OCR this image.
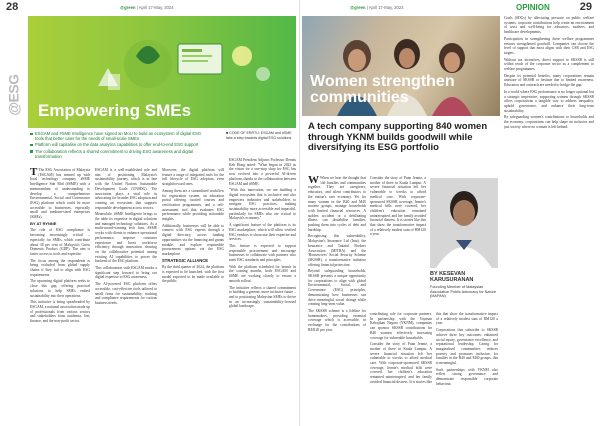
28	@green | April 17-May, 2024
@ESG Empowering SMEs
ESGAM and #SME Intelligence have signed an MoU to build an ecosystem of digital ESG tools that better cater for the needs of small-scale SMEs
Platform will capitalise on the data analytics capabilities to offer end-to-end ESG support
The collaboration reflects a shared commitment to driving ESG awareness and digital transformation
■ CODE OF ERRTU: ESGAM and #SME take a step towards digital ESG solutions

T The ESG Association of Malaysia (ESGAM) has teamed up with local technology company #SME Intelligence Sdn Bhd (#SME) with a memorandum of understanding to develop a comprehensive Environmental, Social and Governance (ESG) platform which could be more accessible to businesses, especially small and medium-sized enterprises (SMEs).

BY AT RYNNE

The role of ESG compliance is becoming increasingly critical – especially for SMEs, which contribute about 38 per cent of Malaysia's Gross Domestic Product (GDP). The aim is faster access to tools and expertise.

The focus among the respondents is being excluded from global supply chains if they fail to align with ESG requirements.

The upcoming digital platform seeks to close this gap, offering practical solutions to help SMEs embed sustainability into their operations.

This initiative is being spearheaded by ESGAM, a national association made up of professionals from various sectors and stakeholders from academia, law, finance, and the non-profit sector.

ESGAM is a well-established role and aim of positioning Malaysia's sustainability journey, which is in line with the United Nations Sustainable Development Goals (UNSDG). The association plays a vital role in advocating for broader ESG adoption and creating an ecosystem that supports responsible development across sectors.

Meanwhile, #SME Intelligence brings to the table its expertise in digital solutions and managed technology solutions. As a multi-award-winning tech firm, #SME works with clients to enhance operational performance, improve customer experience and boost workforce efficiency through innovation, drawing on the collaborative potential among existing AI capabilities to power the backend of the ESG platform.

This collaboration with ESGAM marks a significant step forward to bring our digital expertise to ESG awareness.

The AI-powered ESG platform offers accessible, cost-effective tools tailored to small firms for sustainability, tracking and compliance requirements for various business needs.

Moreover, the digital platform will feature a range of integrated tools for the full lifecycle of ESG adoption, even straightforward ones.

Among them are a streamlined workflow for registration system, an education portal offering curated courses and certification programmes, and a self-assessment tool that evaluates ESG performance while providing actionable insights.

Additionally, businesses will be able to connect with ESG experts through a digital directory, access funding opportunities via the financing and grants module, and explore responsible procurement options via the ESG marketplace.

STRATEGIC ALLIANCE

By the third quarter of 2024, the platform is expected to be launched, with the first model expected to be made available to the public.

ESGAM President Adjunct Professor Dennis Keh Hong noted: "What began in 2022 as the vision for a one-stop shop for ESG has now evolved into a powerful AI-driven platform, thanks to the collaboration between ESGAM and #SME.

"With this innovation, we are building a digital ecosystem that is inclusive and also empowers industries and stakeholders to navigate ESG practices, making sustainability more accessible and impactful, particularly for SMEs who are critical to Malaysia's economy."

A significant feature of the platform is its ESG marketplace, which will allow verified ESG vendors to showcase their expertise and services.

This feature is expected to support responsible procurement and encourage businesses to collaborate with partners who meet ESG standards and principles.

With the platform scheduled for launch in the coming months, both ESGAM and #SME are working closely to ensure a smooth rollout.

The initiative reflects a shared commitment to building a greener, more inclusive future – and to positioning Malaysian SMEs to thrive in an increasingly sustainability-focused global landscape.

@green | April 17-May, 2024	OPINION	29
Women strengthen
communities
A tech company supporting 840 women through YKNM builds goodwill while diversifying its ESG portfolio
BY KESEVAN KARUSURANAN
Founding Member of Malaysian Association Public Advocacy for Nature (MAPAN)

W When we hear the thought that 'old families and communities together. They are caregivers, educators, and silent contributors to the nation's care economy. Yet for many women in the B40 and M40 income groups, manage households with limited financial resources. A sudden accident or a debilitating illness can destabilise families, pushing them into cycles of debt and hardship.

Recognising this vulnerability, Malaysian's Insurance Ltd (Inta), the Insurance and Takaful Brokers Association (MITBA) and the 'Housewives' Social Security Scheme (SKSSR), a transformative initiative offering financial protection.

Beyond safeguarding households, SKSSR presents a unique opportunity for corporations to align with global Environmental, Social, and Governance (ESG) principles, demonstrating how businesses can drive meaningful social change while creating long-term value.

The SKSSR scheme is a lifeline for homemakers, providing essential coverage which is accessible, in exchange for the contributions of RM120 per year.

contributing role for corporate partners. In partnership with the Yayasan Kebajikan Negara (YKNM), companies can sponsor SKSSR contributions for B40 women, effectively increasing coverage for vulnerable households.

Consider the story of Puan Jennie, a mother of three in Kuala Lumpur. A severe financial situation left her vulnerable to wrecks to afford medical care. With corporate-sponsored SKSSR coverage, Jennie's medical bills were covered, her children's education remained uninterrupted, and her family avoided financial distress. It is stories like this that show the transformative impact of a relatively modest sum of RM120 a year.

Corporations that subscribe to SKSSR achieve three key outcomes: enhanced social equity, governance excellence, and reputational leadership. Caring for marginalised communities reduces poverty and promotes inclusion; for families in the B40 and M40 groups, this is meaningful.

Such partnerships with YKNM also reflect strong governance and demonstrate responsible corporate behaviour.

Consider the story of Puan Jennie, a mother of three in Kuala Lumpur. A severe financial situation left her vulnerable to wrecks to afford medical care. With corporate-sponsored SKSSR coverage, Jennie's medical bills were covered, her children's education remained uninterrupted, and her family avoided financial distress. It is stories like this that show the transformative impact of a relatively modest sum of RM120 a year.

Goals (SDGs) by alleviating pressure on public welfare systems, corporate contributions help create an environment of trust and well-being for educators, mothers, and healthcare developments.

Participation in strengthening these welfare programmes ensures strengthened goodwill. Companies can choose the level of support that most aligns with their CSR and ESG targets.

Without tax incentives, direct support to SKSSR is still within reach of the corporate sector as a complement to welfare programmes.

Despite its potential benefits, many corporations remain unaware of SKSSR or hesitate due to limited awareness. Education and outreach are needed to bridge the gap.

In a world where ESG performance is no longer optional but a strategic imperative, supporting women through SKSSR offers corporations a tangible way to address inequality, uphold governance, and enhance their long-term sustainability.

By safeguarding women's contributions to households and the economy, corporations can help shape an inclusive and just society where no woman is left behind.
